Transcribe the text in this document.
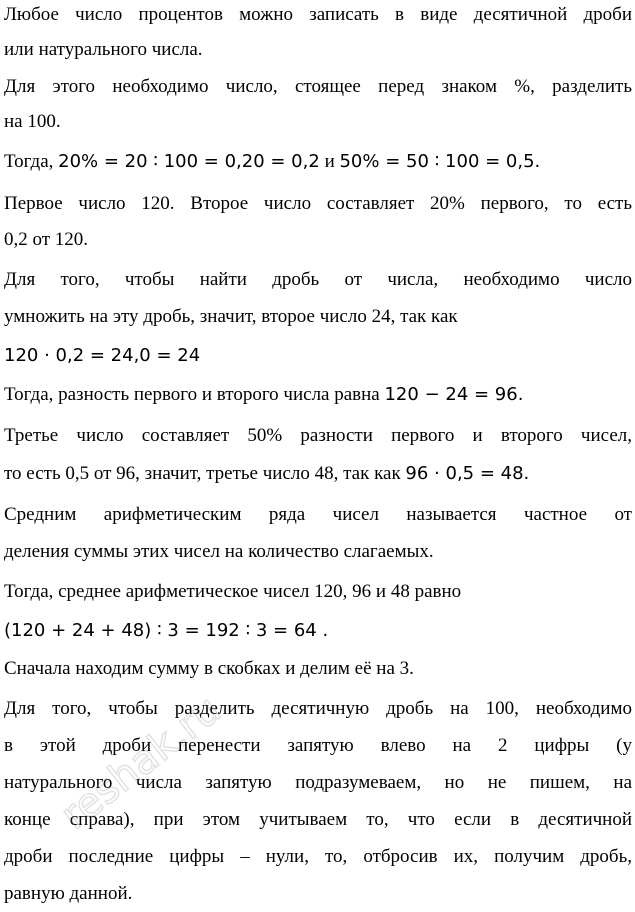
Любое число процентов можно записать в виде десятичной дроби
или натурального числа.
Для этого необходимо число, стоящее перед знаком %, разделить
на 100.
Тогда, 20% = 20 ∶ 100 = 0,20 = 0,2 и 50% = 50 ∶ 100 = 0,5.
Первое число 120. Второе число составляет 20% первого, то есть
0,2 от 120.
Для того, чтобы найти дробь от числа, необходимо число
умножить на эту дробь, значит, второе число 24, так как
120 ⋅ 0,2 = 24,0 = 24
Тогда, разность первого и второго числа равна 120 − 24 = 96.
Третье число составляет 50% разности первого и второго чисел,
то есть 0,5 от 96, значит, третье число 48, так как 96 ⋅ 0,5 = 48.
Средним арифметическим ряда чисел называется частное от
деления суммы этих чисел на количество слагаемых.
Тогда, среднее арифметическое чисел 120, 96 и 48 равно
(120 + 24 + 48) ∶ 3 = 192 ∶ 3 = 64 .
Сначала находим сумму в скобках и делим её на 3.
Для того, чтобы разделить десятичную дробь на 100, необходимо
в этой дроби перенести запятую влево на 2 цифры (у
натурального числа запятую подразумеваем, но не пишем, на
конце справа), при этом учитываем то, что если в десятичной
дроби последние цифры – нули, то, отбросив их, получим дробь,
равную данной.
reshak.ru
